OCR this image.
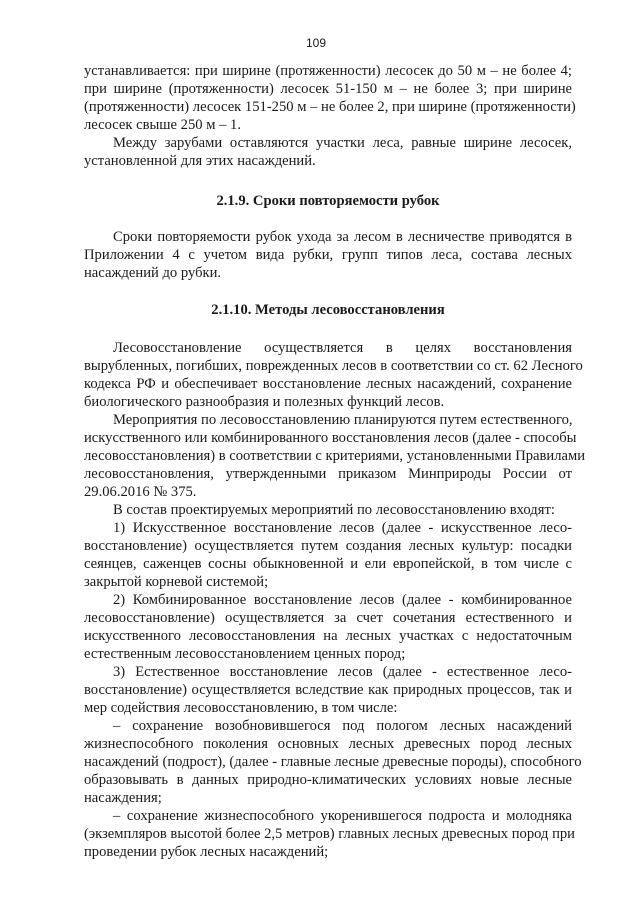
109
устанавливается: при ширине (протяженности) лесосек до 50 м – не более 4;
при ширине (протяженности) лесосек 51-150 м – не более 3; при ширине
(протяженности) лесосек 151-250 м – не более 2, при ширине (протяженности)
лесосек свыше 250 м – 1.
Между зарубами оставляются участки леса, равные ширине лесосек,
установленной для этих насаждений.
2.1.9. Сроки повторяемости рубок
Сроки повторяемости рубок ухода за лесом в лесничестве приводятся в
Приложении 4 с учетом вида рубки, групп типов леса, состава лесных
насаждений до рубки.
2.1.10. Методы лесовосстановления
Лесовосстановление осуществляется в целях восстановления
вырубленных, погибших, поврежденных лесов в соответствии со ст. 62 Лесного
кодекса РФ и обеспечивает восстановление лесных насаждений, сохранение
биологического разнообразия и полезных функций лесов.
Мероприятия по лесовосстановлению планируются путем естественного,
искусственного или комбинированного восстановления лесов (далее - способы
лесовосстановления) в соответствии с критериями, установленными Правилами
лесовосстановления, утвержденными приказом Минприроды России от
29.06.2016 № 375.
В состав проектируемых мероприятий по лесовосстановлению входят:
1) Искусственное восстановление лесов (далее - искусственное лесо-
восстановление) осуществляется путем создания лесных культур: посадки
сеянцев, саженцев сосны обыкновенной и ели европейской, в том числе с
закрытой корневой системой;
2) Комбинированное восстановление лесов (далее - комбинированное
лесовосстановление) осуществляется за счет сочетания естественного и
искусственного лесовосстановления на лесных участках с недостаточным
естественным лесовосстановлением ценных пород;
3) Естественное восстановление лесов (далее - естественное лесо-
восстановление) осуществляется вследствие как природных процессов, так и
мер содействия лесовосстановлению, в том числе:
– сохранение возобновившегося под пологом лесных насаждений
жизнеспособного поколения основных лесных древесных пород лесных
насаждений (подрост), (далее - главные лесные древесные породы), способного
образовывать в данных природно-климатических условиях новые лесные
насаждения;
– сохранение жизнеспособного укоренившегося подроста и молодняка
(экземпляров высотой более 2,5 метров) главных лесных древесных пород при
проведении рубок лесных насаждений;
